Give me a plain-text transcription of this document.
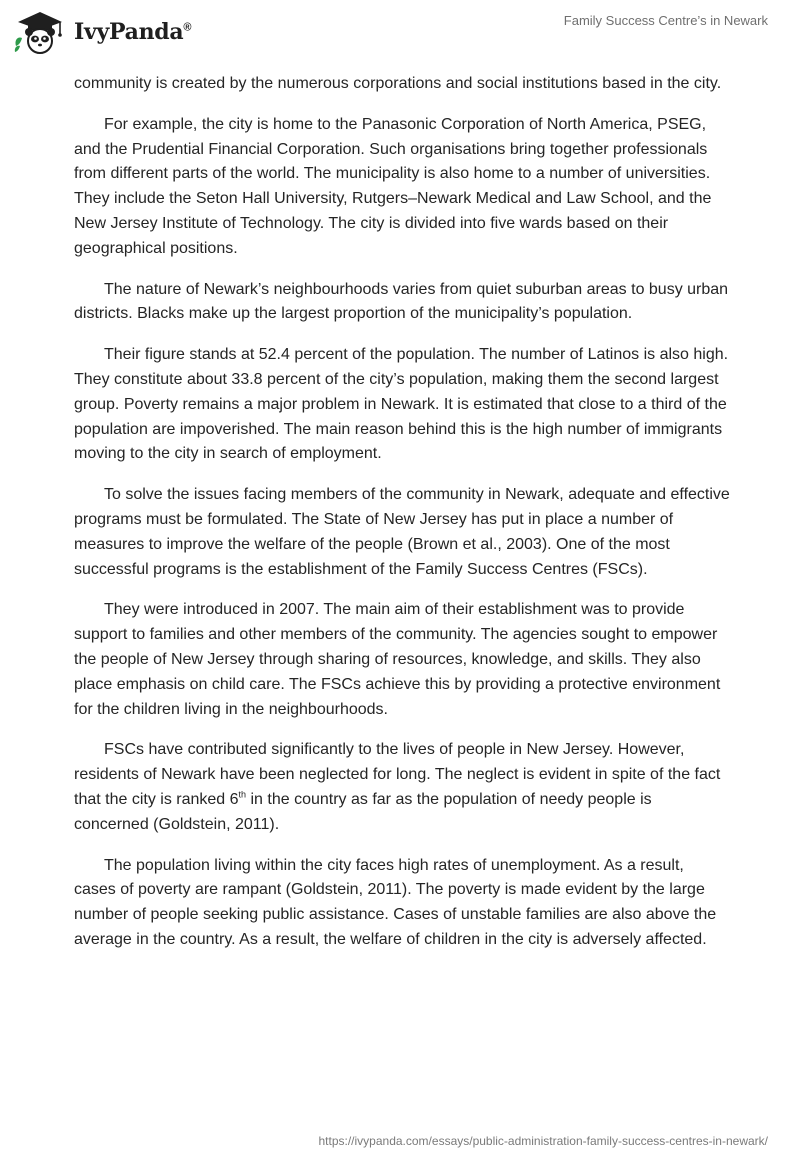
IvyPanda®	Family Success Centre’s in Newark

community is created by the numerous corporations and social institutions based in the city.

For example, the city is home to the Panasonic Corporation of North America, PSEG, and the Prudential Financial Corporation. Such organisations bring together professionals from different parts of the world. The municipality is also home to a number of universities. They include the Seton Hall University, Rutgers–Newark Medical and Law School, and the New Jersey Institute of Technology. The city is divided into five wards based on their geographical positions.

The nature of Newark’s neighbourhoods varies from quiet suburban areas to busy urban districts. Blacks make up the largest proportion of the municipality’s population.

Their figure stands at 52.4 percent of the population. The number of Latinos is also high. They constitute about 33.8 percent of the city’s population, making them the second largest group. Poverty remains a major problem in Newark. It is estimated that close to a third of the population are impoverished. The main reason behind this is the high number of immigrants moving to the city in search of employment.

To solve the issues facing members of the community in Newark, adequate and effective programs must be formulated. The State of New Jersey has put in place a number of measures to improve the welfare of the people (Brown et al., 2003). One of the most successful programs is the establishment of the Family Success Centres (FSCs).

They were introduced in 2007. The main aim of their establishment was to provide support to families and other members of the community. The agencies sought to empower the people of New Jersey through sharing of resources, knowledge, and skills. They also place emphasis on child care. The FSCs achieve this by providing a protective environment for the children living in the neighbourhoods.

FSCs have contributed significantly to the lives of people in New Jersey. However, residents of Newark have been neglected for long. The neglect is evident in spite of the fact that the city is ranked 6th in the country as far as the population of needy people is concerned (Goldstein, 2011).

The population living within the city faces high rates of unemployment. As a result, cases of poverty are rampant (Goldstein, 2011). The poverty is made evident by the large number of people seeking public assistance. Cases of unstable families are also above the average in the country. As a result, the welfare of children in the city is adversely affected.

https://ivypanda.com/essays/public-administration-family-success-centres-in-newark/
